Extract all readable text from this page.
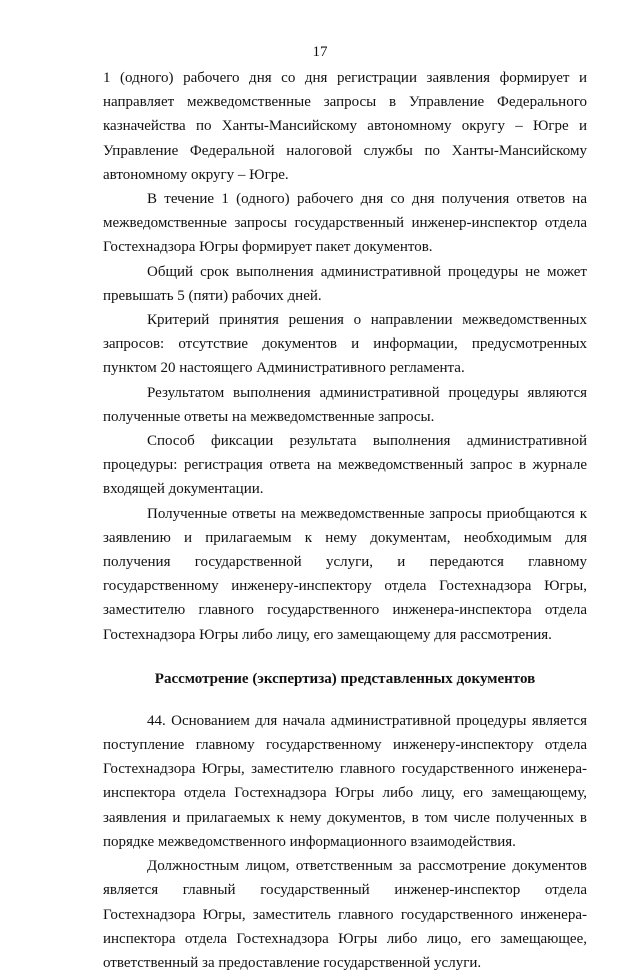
17

1 (одного) рабочего дня со дня регистрации заявления формирует и направляет межведомственные запросы в Управление Федерального казначейства по Ханты-Мансийскому автономному округу – Югре и Управление Федеральной налоговой службы по Ханты-Мансийскому автономному округу – Югре.

В течение 1 (одного) рабочего дня со дня получения ответов на межведомственные запросы государственный инженер-инспектор отдела Гостехнадзора Югры формирует пакет документов.

Общий срок выполнения административной процедуры не может превышать 5 (пяти) рабочих дней.

Критерий принятия решения о направлении межведомственных запросов: отсутствие документов и информации, предусмотренных пунктом 20 настоящего Административного регламента.

Результатом выполнения административной процедуры являются полученные ответы на межведомственные запросы.

Способ фиксации результата выполнения административной процедуры: регистрация ответа на межведомственный запрос в журнале входящей документации.

Полученные ответы на межведомственные запросы приобщаются к заявлению и прилагаемым к нему документам, необходимым для получения государственной услуги, и передаются главному государственному инженеру-инспектору отдела Гостехнадзора Югры, заместителю главного государственного инженера-инспектора отдела Гостехнадзора Югры либо лицу, его замещающему для рассмотрения.

Рассмотрение (экспертиза) представленных документов

44. Основанием для начала административной процедуры является поступление главному государственному инженеру-инспектору отдела Гостехнадзора Югры, заместителю главного государственного инженера-инспектора отдела Гостехнадзора Югры либо лицу, его замещающему, заявления и прилагаемых к нему документов, в том числе полученных в порядке межведомственного информационного взаимодействия.

Должностным лицом, ответственным за рассмотрение документов является главный государственный инженер-инспектор отдела Гостехнадзора Югры, заместитель главного государственного инженера-инспектора отдела Гостехнадзора Югры либо лицо, его замещающее, ответственный за предоставление государственной услуги.
